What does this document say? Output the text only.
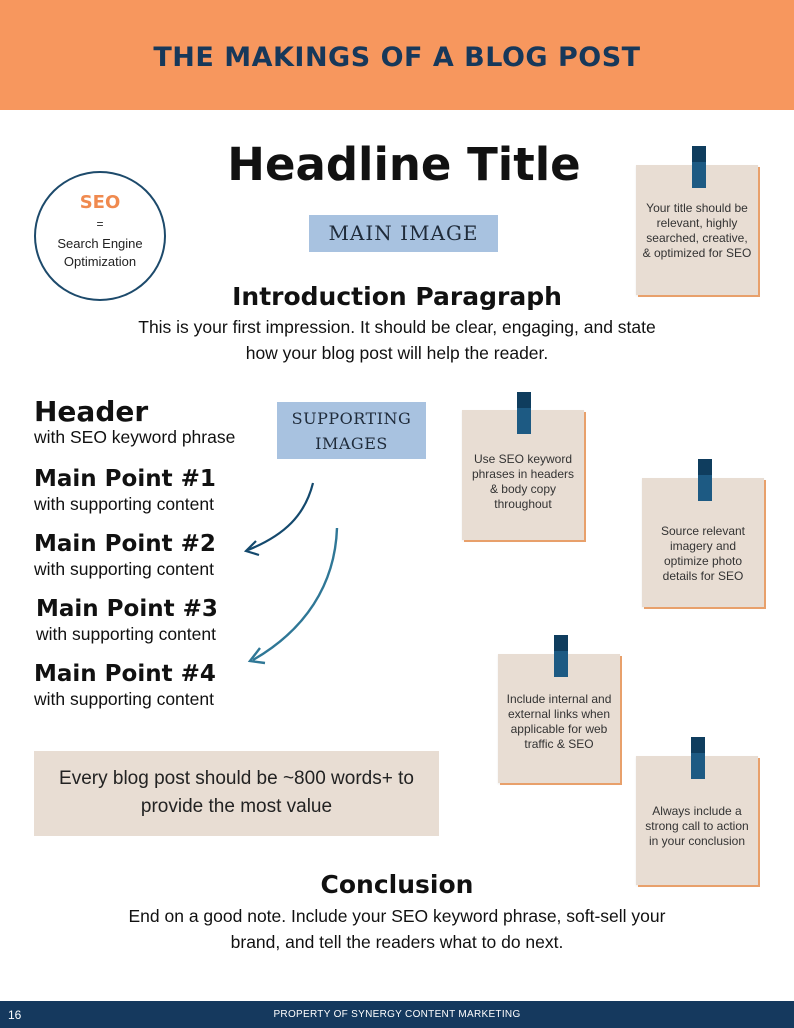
THE MAKINGS OF A BLOG POST
Headline Title
SEO
=
Search Engine Optimization
MAIN IMAGE
Introduction Paragraph
This is your first impression. It should be clear, engaging, and state how your blog post will help the reader.
Header
with SEO keyword phrase
Main Point #1
with supporting content
Main Point #2
with supporting content
Main Point #3
with supporting content
Main Point #4
with supporting content
SUPPORTING IMAGES
Your title should be relevant, highly searched, creative, & optimized for SEO
Use SEO keyword phrases in headers & body copy throughout
Source relevant imagery and optimize photo details for SEO
Include internal and external links when applicable for web traffic & SEO
Always include a strong call to action in your conclusion
Every blog post should be ~800 words+ to provide the most value
Conclusion
End on a good note. Include your SEO keyword phrase, soft-sell your brand, and tell the readers what to do next.
16	PROPERTY OF SYNERGY CONTENT MARKETING
